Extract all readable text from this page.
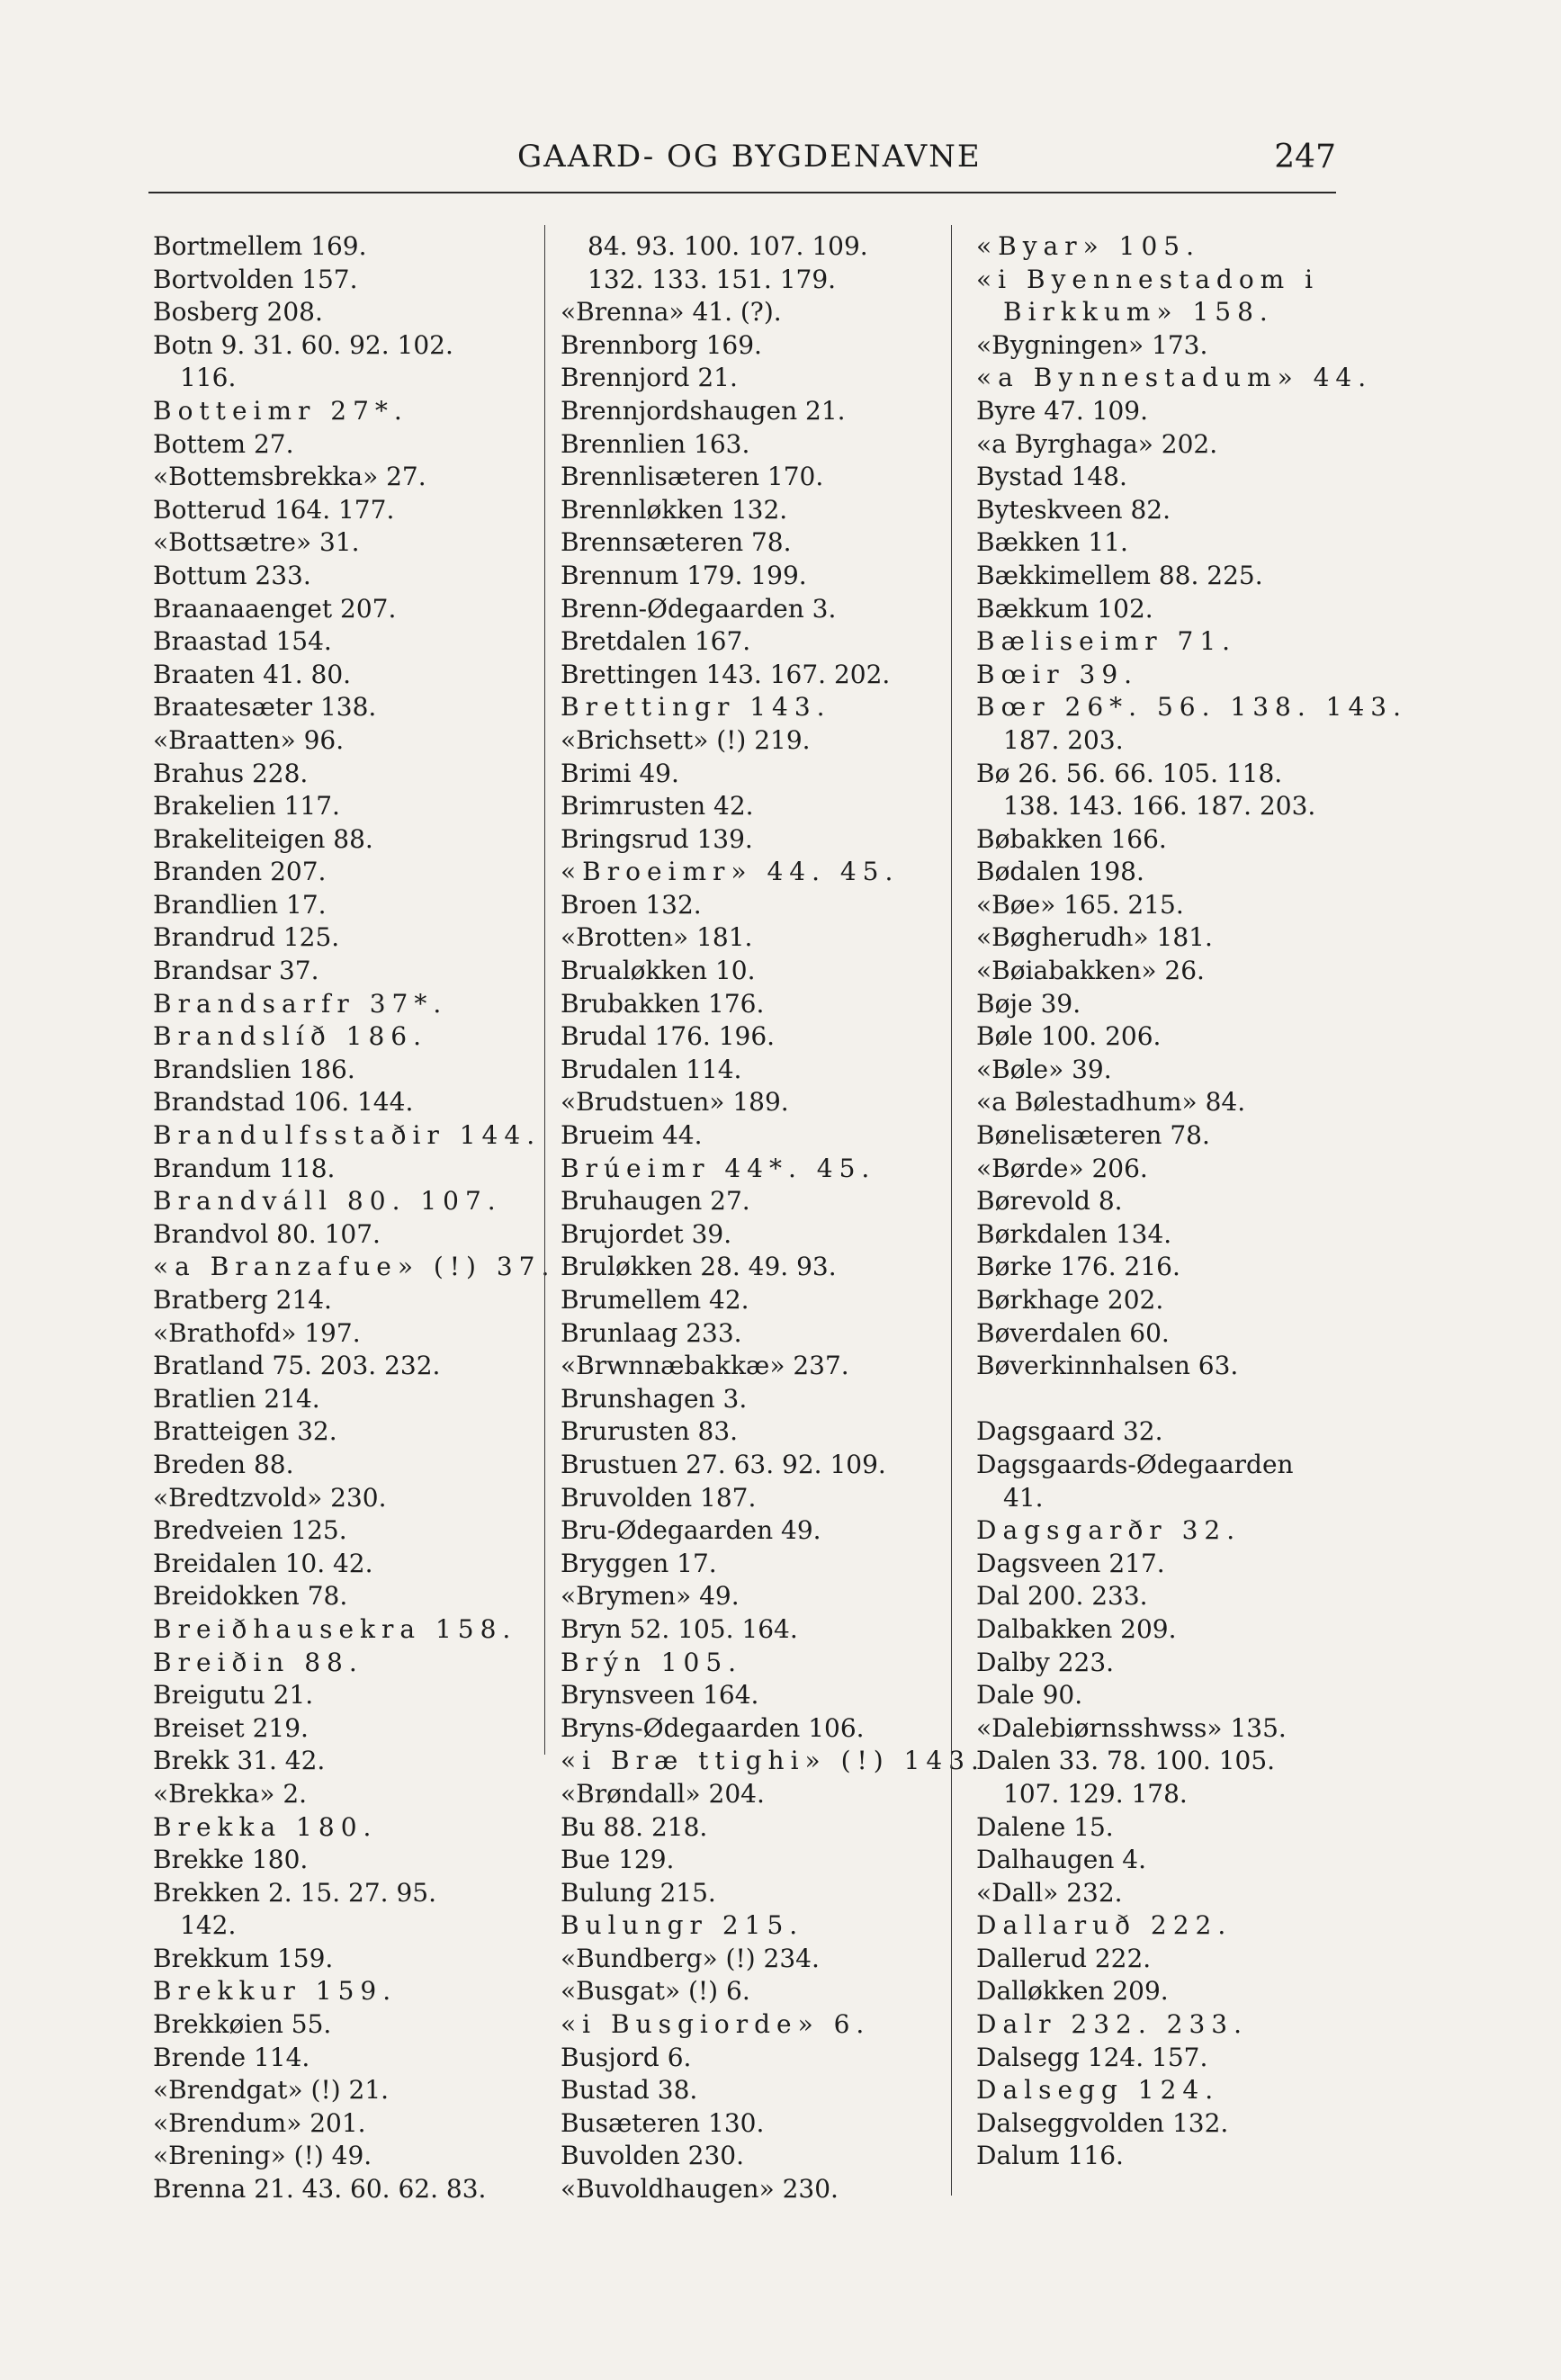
GAARD- OG BYGDENAVNE	247
Bortmellem 169.
Bortvolden 157.
Bosberg 208.
Botn 9. 31. 60. 92. 102.
116.
Botteimr 27*.
Bottem 27.
«Bottemsbrekka» 27.
Botterud 164. 177.
«Bottsætre» 31.
Bottum 233.
Braanaaenget 207.
Braastad 154.
Braaten 41. 80.
Braatesæter 138.
«Braatten» 96.
Brahus 228.
Brakelien 117.
Brakeliteigen 88.
Branden 207.
Brandlien 17.
Brandrud 125.
Brandsar 37.
Brandsarfr 37*.
Brandslíð 186.
Brandslien 186.
Brandstad 106. 144.
Brandulfsstaðir 144.
Brandum 118.
Brandváll 80. 107.
Brandvol 80. 107.
«a Branzafue» (!) 37.
Bratberg 214.
«Brathofd» 197.
Bratland 75. 203. 232.
Bratlien 214.
Bratteigen 32.
Breden 88.
«Bredtzvold» 230.
Bredveien 125.
Breidalen 10. 42.
Breidokken 78.
Breiðhausekra 158.
Breiðin 88.
Breigutu 21.
Breiset 219.
Brekk 31. 42.
«Brekka» 2.
Brekka 180.
Brekke 180.
Brekken 2. 15. 27. 95.
142.
Brekkum 159.
Brekkur 159.
Brekkøien 55.
Brende 114.
«Brendgat» (!) 21.
«Brendum» 201.
«Brening» (!) 49.
Brenna 21. 43. 60. 62. 83.
84. 93. 100. 107. 109.
132. 133. 151. 179.
«Brenna» 41. (?).
Brennborg 169.
Brennjord 21.
Brennjordshaugen 21.
Brennlien 163.
Brennlisæteren 170.
Brennløkken 132.
Brennsæteren 78.
Brennum 179. 199.
Brenn-Ødegaarden 3.
Bretdalen 167.
Brettingen 143. 167. 202.
Brettingr 143.
«Brichsett» (!) 219.
Brimi 49.
Brimrusten 42.
Bringsrud 139.
«Broeimr» 44. 45.
Broen 132.
«Brotten» 181.
Brualøkken 10.
Brubakken 176.
Brudal 176. 196.
Brudalen 114.
«Brudstuen» 189.
Brueim 44.
Brúeimr 44*. 45.
Bruhaugen 27.
Brujordet 39.
Bruløkken 28. 49. 93.
Brumellem 42.
Brunlaag 233.
«Brwnnæbakkæ» 237.
Brunshagen 3.
Brurusten 83.
Brustuen 27. 63. 92. 109.
Bruvolden 187.
Bru-Ødegaarden 49.
Bryggen 17.
«Brymen» 49.
Bryn 52. 105. 164.
Brýn 105.
Brynsveen 164.
Bryns-Ødegaarden 106.
«i Bræ ttighi» (!) 143.
«Brøndall» 204.
Bu 88. 218.
Bue 129.
Bulung 215.
Bulungr 215.
«Bundberg» (!) 234.
«Busgat» (!) 6.
«i Busgiorde» 6.
Busjord 6.
Bustad 38.
Busæteren 130.
Buvolden 230.
«Buvoldhaugen» 230.
«Byar» 105.
«i Byennestadom i
Birkkum» 158.
«Bygningen» 173.
«a Bynnestadum» 44.
Byre 47. 109.
«a Byrghaga» 202.
Bystad 148.
Byteskveen 82.
Bækken 11.
Bækkimellem 88. 225.
Bækkum 102.
Bæliseimr 71.
Bœir 39.
Bœr 26*. 56. 138. 143.
187. 203.
Bø 26. 56. 66. 105. 118.
138. 143. 166. 187. 203.
Bøbakken 166.
Bødalen 198.
«Bøe» 165. 215.
«Bøgherudh» 181.
«Bøiabakken» 26.
Bøje 39.
Bøle 100. 206.
«Bøle» 39.
«a Bølestadhum» 84.
Bønelisæteren 78.
«Børde» 206.
Børevold 8.
Børkdalen 134.
Børke 176. 216.
Børkhage 202.
Bøverdalen 60.
Bøverkinnhalsen 63.
Dagsgaard 32.
Dagsgaards-Ødegaarden
41.
Dagsgarðr 32.
Dagsveen 217.
Dal 200. 233.
Dalbakken 209.
Dalby 223.
Dale 90.
«Dalebiørnsshwss» 135.
Dalen 33. 78. 100. 105.
107. 129. 178.
Dalene 15.
Dalhaugen 4.
«Dall» 232.
Dallaruð 222.
Dallerud 222.
Dalløkken 209.
Dalr 232. 233.
Dalsegg 124. 157.
Dalsegg 124.
Dalseggvolden 132.
Dalum 116.
